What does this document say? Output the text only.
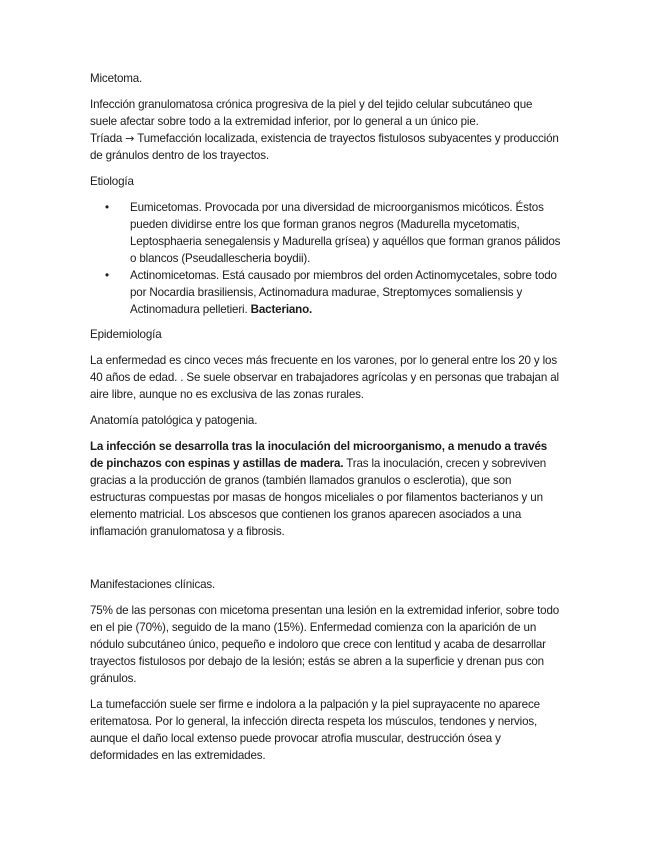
Micetoma.

Infección granulomatosa crónica progresiva de la piel y del tejido celular subcutáneo que suele afectar sobre todo a la extremidad inferior, por lo general a un único pie.
Tríada → Tumefacción localizada, existencia de trayectos fistulosos subyacentes y producción de gránulos dentro de los trayectos.

Etiología

• Eumicetomas. Provocada por una diversidad de microorganismos micóticos. Éstos pueden dividirse entre los que forman granos negros (Madurella mycetomatis, Leptosphaeria senegalensis y Madurella grísea) y aquéllos que forman granos pálidos o blancos (Pseudallescheria boydii).
• Actinomicetomas. Está causado por miembros del orden Actinomycetales, sobre todo por Nocardia brasiliensis, Actinomadura madurae, Streptomyces somaliensis y Actinomadura pelletieri. Bacteriano.

Epidemiología

La enfermedad es cinco veces más frecuente en los varones, por lo general entre los 20 y los 40 años de edad. . Se suele observar en trabajadores agrícolas y en personas que trabajan al aire libre, aunque no es exclusiva de las zonas rurales.

Anatomía patológica y patogenia.

La infección se desarrolla tras la inoculación del microorganismo, a menudo a través de pinchazos con espinas y astillas de madera. Tras la inoculación, crecen y sobreviven gracias a la producción de granos (también llamados granulos o esclerotia), que son estructuras compuestas por masas de hongos miceliales o por filamentos bacterianos y un elemento matricial. Los abscesos que contienen los granos aparecen asociados a una inflamación granulomatosa y a fibrosis.

Manifestaciones clínicas.

75% de las personas con micetoma presentan una lesión en la extremidad inferior, sobre todo en el pie (70%), seguido de la mano (15%). Enfermedad comienza con la aparición de un nódulo subcutáneo único, pequeño e indoloro que crece con lentitud y acaba de desarrollar trayectos fistulosos por debajo de la lesión; estás se abren a la superficie y drenan pus con gránulos.

La tumefacción suele ser firme e indolora a la palpación y la piel suprayacente no aparece eritematosa. Por lo general, la infección directa respeta los músculos, tendones y nervios, aunque el daño local extenso puede provocar atrofia muscular, destrucción ósea y deformidades en las extremidades.
